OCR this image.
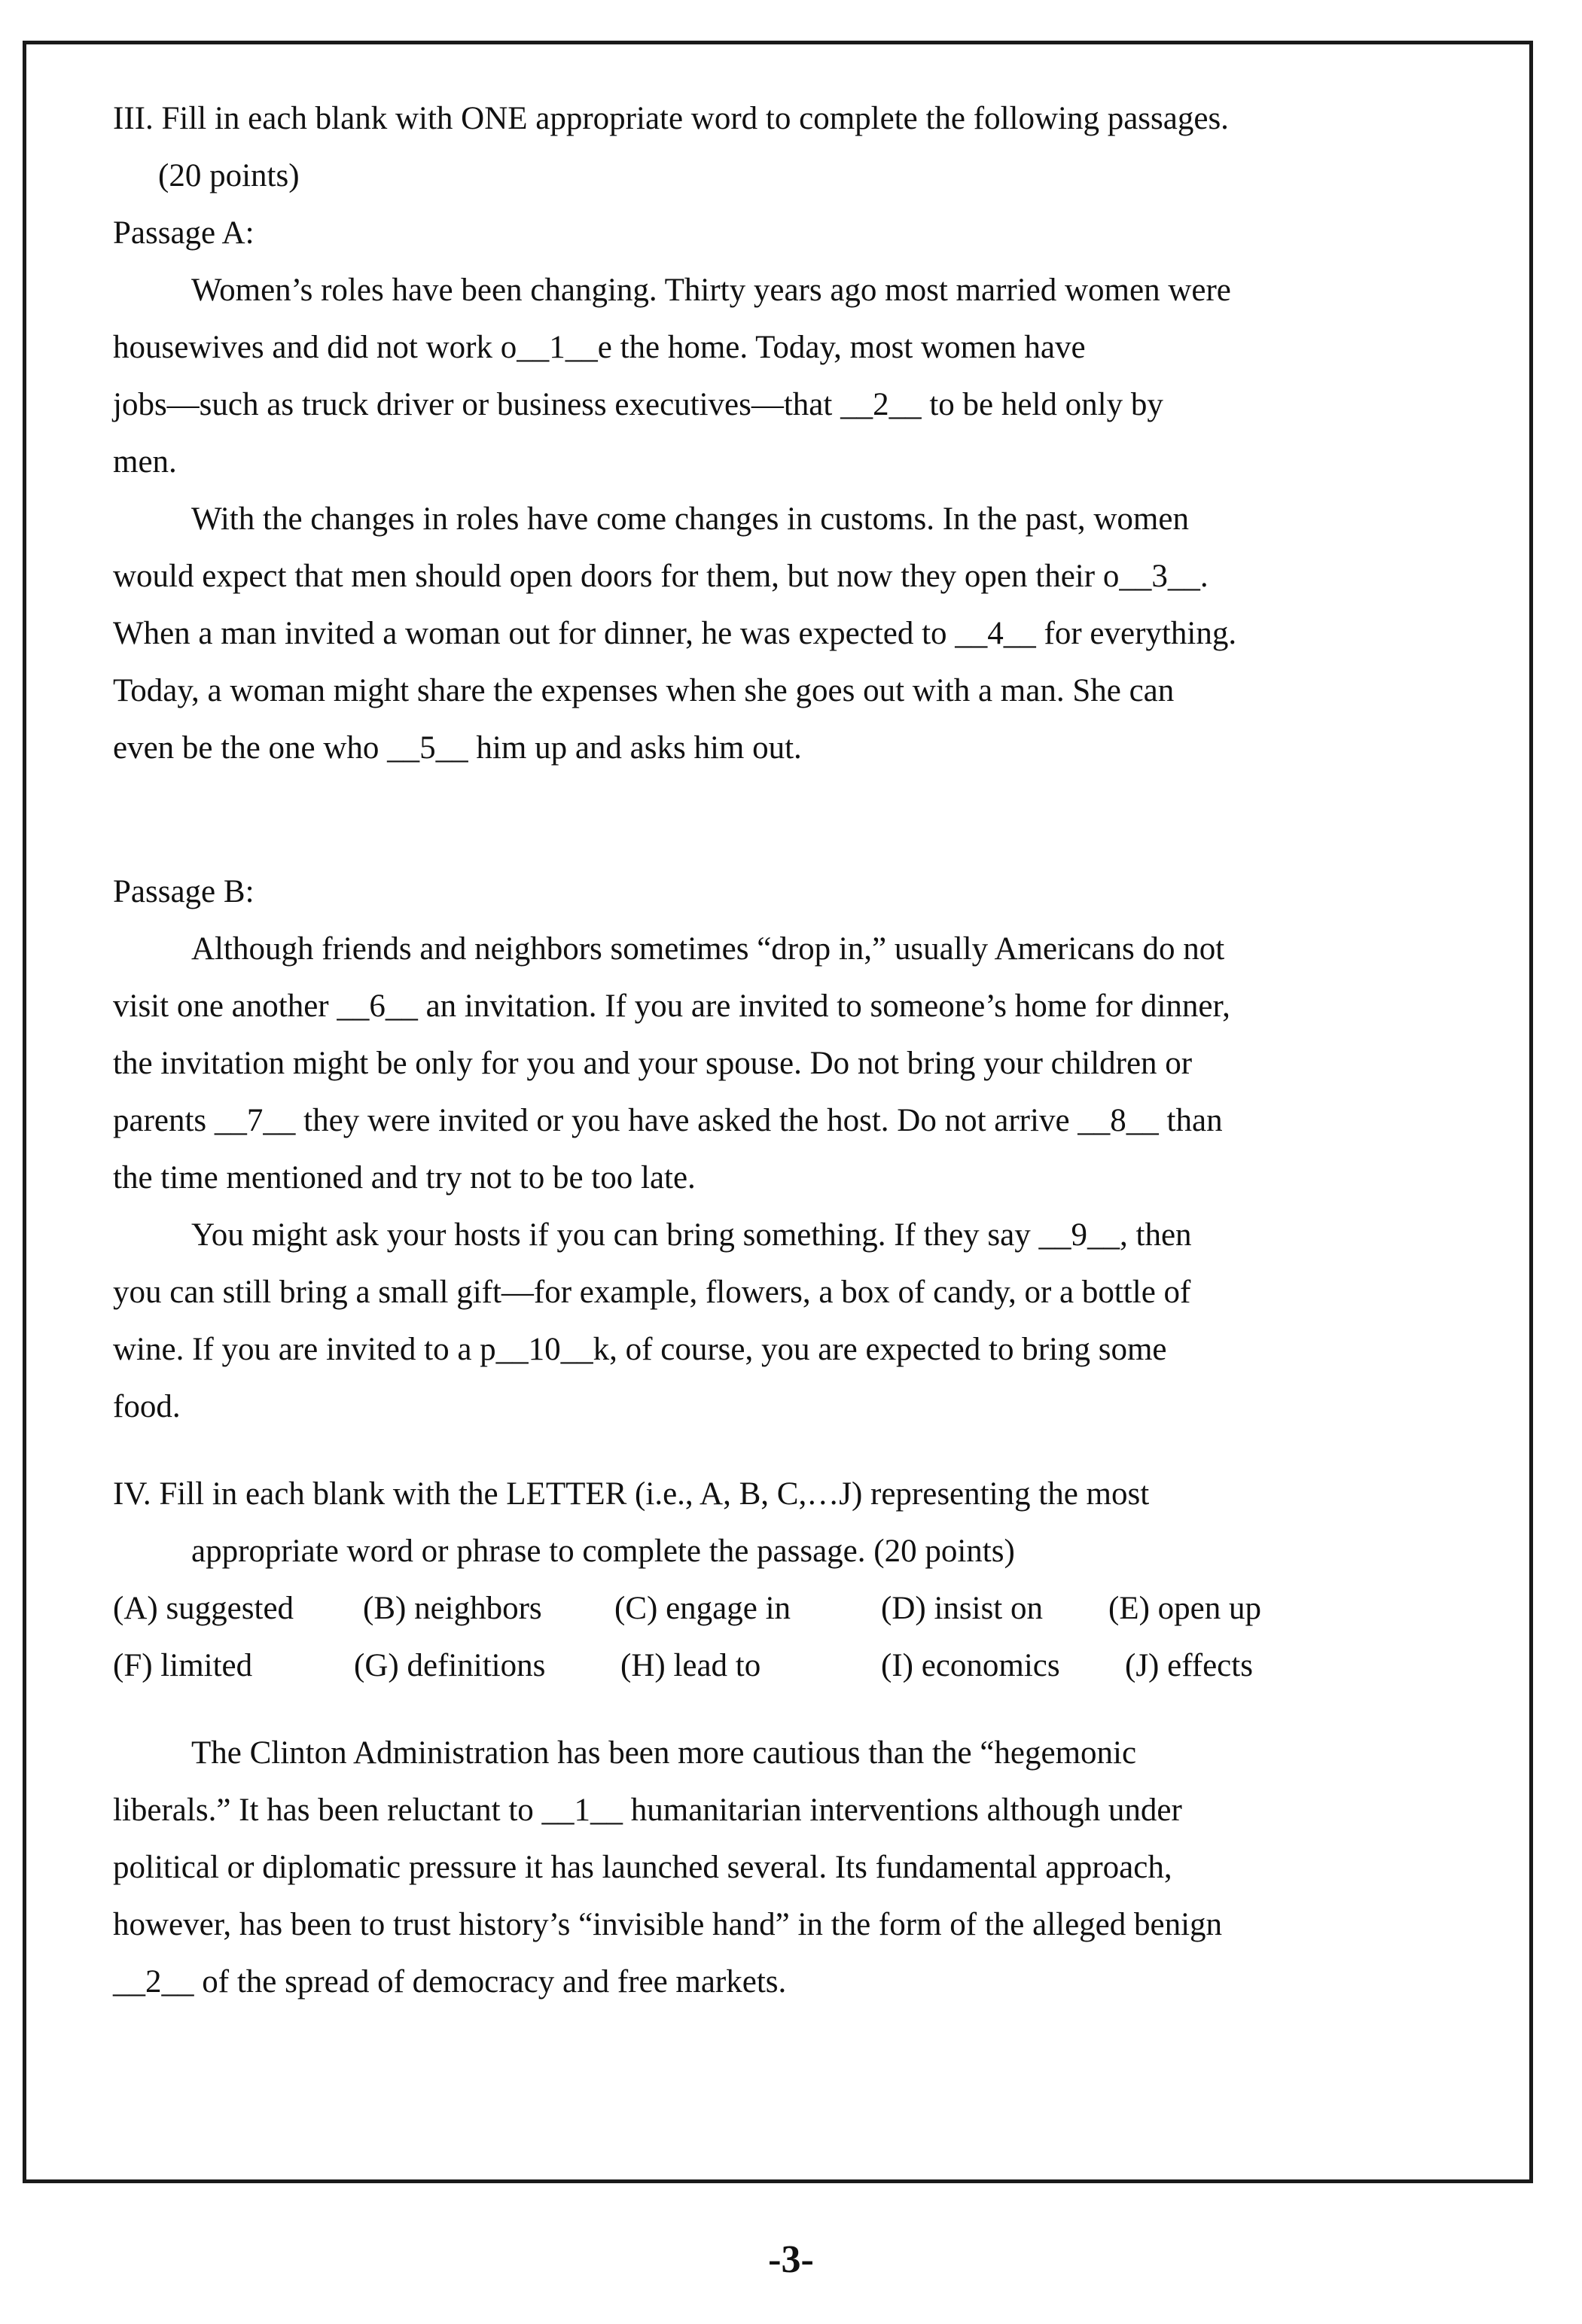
III. Fill in each blank with ONE appropriate word to complete the following passages.

(20 points)

Passage A:

Women’s roles have been changing. Thirty years ago most married women were

housewives and did not work o__1__e the home. Today, most women have

jobs—such as truck driver or business executives—that __2__ to be held only by

men.

With the changes in roles have come changes in customs. In the past, women

would expect that men should open doors for them, but now they open their o__3__.

When a man invited a woman out for dinner, he was expected to __4__ for everything.

Today, a woman might share the expenses when she goes out with a man. She can

even be the one who __5__ him up and asks him out.

Passage B:

Although friends and neighbors sometimes “drop in,” usually Americans do not

visit one another __6__ an invitation. If you are invited to someone’s home for dinner,

the invitation might be only for you and your spouse. Do not bring your children or

parents __7__ they were invited or you have asked the host. Do not arrive __8__ than

the time mentioned and try not to be too late.

You might ask your hosts if you can bring something. If they say __9__, then

you can still bring a small gift—for example, flowers, a box of candy, or a bottle of

wine. If you are invited to a p__10__k, of course, you are expected to bring some

food.

IV. Fill in each blank with the LETTER (i.e., A, B, C,…J) representing the most

appropriate word or phrase to complete the passage. (20 points)

(A) suggested (B) neighbors (C) engage in	(D) insist on (E) open up
(F) limited	(G) definitions (H) lead to	(I) economics (J) effects

The Clinton Administration has been more cautious than the “hegemonic

liberals.” It has been reluctant to __1__ humanitarian interventions although under

political or diplomatic pressure it has launched several. Its fundamental approach,

however, has been to trust history’s “invisible hand” in the form of the alleged benign

__2__ of the spread of democracy and free markets.

-3-
